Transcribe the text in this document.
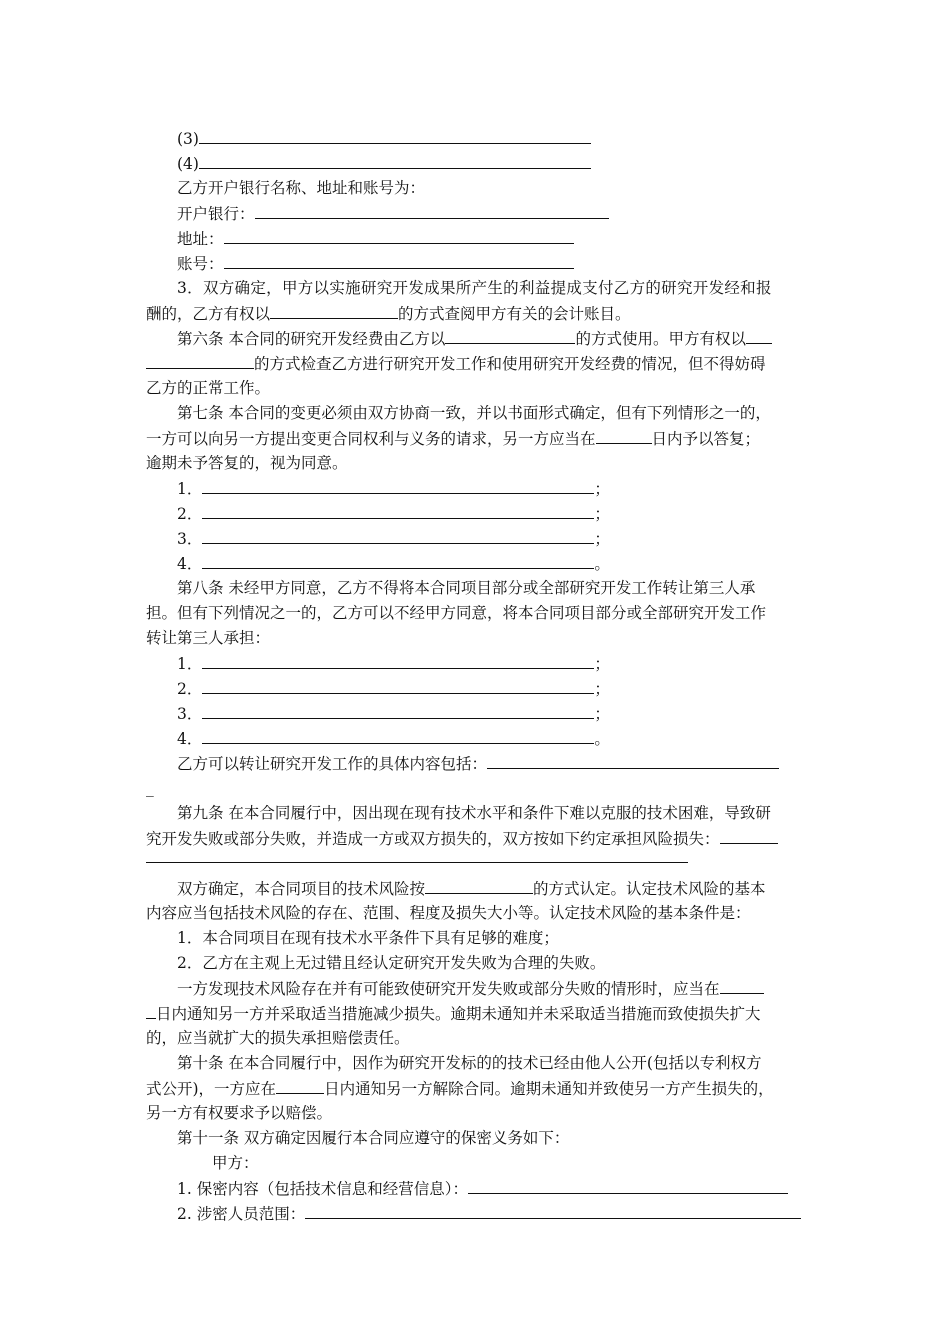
(3)
(4)
乙方开户银行名称、地址和账号为：
开户银行：
地址：
账号：
3．双方确定，甲方以实施研究开发成果所产生的利益提成支付乙方的研究开发经和报
酬的，乙方有权以	的方式查阅甲方有关的会计账目。
第六条 本合同的研究开发经费由乙方以	的方式使用。甲方有权以
的方式检查乙方进行研究开发工作和使用研究开发经费的情况，但不得妨碍
乙方的正常工作。
第七条 本合同的变更必须由双方协商一致，并以书面形式确定，但有下列情形之一的，
一方可以向另一方提出变更合同权利与义务的请求，另一方应当在	日内予以答复；
逾期未予答复的，视为同意。
1．	；
2．	；
3．	；
4．	。
第八条 未经甲方同意，乙方不得将本合同项目部分或全部研究开发工作转让第三人承
担。但有下列情况之一的，乙方可以不经甲方同意，将本合同项目部分或全部研究开发工作
转让第三人承担：
1．	；
2．	；
3．	；
4．	。
乙方可以转让研究开发工作的具体内容包括：
_
第九条 在本合同履行中，因出现在现有技术水平和条件下难以克服的技术困难，导致研
究开发失败或部分失败，并造成一方或双方损失的，双方按如下约定承担风险损失：
双方确定，本合同项目的技术风险按	的方式认定。认定技术风险的基本
内容应当包括技术风险的存在、范围、程度及损失大小等。认定技术风险的基本条件是：
1．本合同项目在现有技术水平条件下具有足够的难度；
2．乙方在主观上无过错且经认定研究开发失败为合理的失败。
一方发现技术风险存在并有可能致使研究开发失败或部分失败的情形时，应当在
日内通知另一方并采取适当措施减少损失。逾期未通知并未采取适当措施而致使损失扩大
的，应当就扩大的损失承担赔偿责任。
第十条 在本合同履行中，因作为研究开发标的的技术已经由他人公开(包括以专利权方
式公开)，一方应在	日内通知另一方解除合同。逾期未通知并致使另一方产生损失的，
另一方有权要求予以赔偿。
第十一条 双方确定因履行本合同应遵守的保密义务如下：
甲方：
1. 保密内容（包括技术信息和经营信息）：
2. 涉密人员范围：
